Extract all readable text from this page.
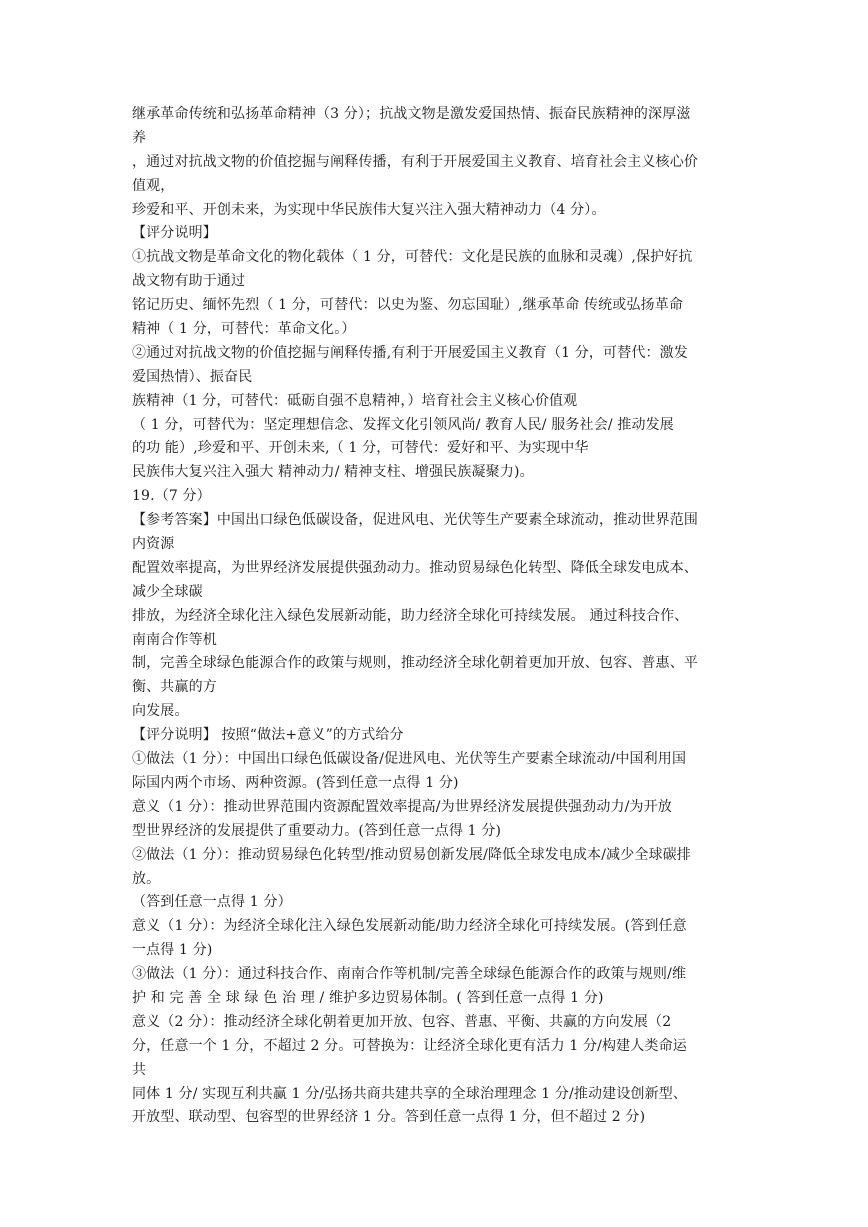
继承革命传统和弘扬革命精神（3 分）；抗战文物是激发爱国热情、振奋民族精神的深厚滋
养
，通过对抗战文物的价值挖掘与阐释传播，有利于开展爱国主义教育、培育社会主义核心价
值观，
珍爱和平、开创未来，为实现中华民族伟大复兴注入强大精神动力（4 分）。
【评分说明】
①抗战文物是革命文化的物化载体（ 1 分，可替代：文化是民族的血脉和灵魂）,保护好抗
战文物有助于通过
铭记历史、缅怀先烈（ 1 分，可替代：以史为鉴、勿忘国耻）,继承革命 传统或弘扬革命
精神（ 1 分，可替代：革命文化。）
②通过对抗战文物的价值挖掘与阐释传播,有利于开展爱国主义教育（1 分，可替代：激发
爱国热情）、振奋民
族精神（1 分，可替代：砥砺自强不息精神，）培育社会主义核心价值观
（ 1 分，可替代为：坚定理想信念、发挥文化引领风尚/ 教育人民/ 服务社会/ 推动发展
的功 能）,珍爱和平、开创未来,（ 1 分，可替代：爱好和平、为实现中华
民族伟大复兴注入强大 精神动力/ 精神支柱、增强民族凝聚力)。
19.（7 分）
【参考答案】中国出口绿色低碳设备，促进风电、光伏等生产要素全球流动，推动世界范围
内资源
配置效率提高，为世界经济发展提供强劲动力。推动贸易绿色化转型、降低全球发电成本、
减少全球碳
排放，为经济全球化注入绿色发展新动能，助力经济全球化可持续发展。 通过科技合作、
南南合作等机
制，完善全球绿色能源合作的政策与规则，推动经济全球化朝着更加开放、包容、普惠、平
衡、共赢的方
向发展。
【评分说明】 按照“做法+意义”的方式给分
①做法（1 分）：中国出口绿色低碳设备/促进风电、光伏等生产要素全球流动/中国利用国
际国内两个市场、两种资源。(答到任意一点得 1 分)
意义（1 分）：推动世界范围内资源配置效率提高/为世界经济发展提供强劲动力/为开放
型世界经济的发展提供了重要动力。(答到任意一点得 1 分)
②做法（1 分）：推动贸易绿色化转型/推动贸易创新发展/降低全球发电成本/减少全球碳排
放。
（答到任意一点得 1 分）
意义（1 分）：为经济全球化注入绿色发展新动能/助力经济全球化可持续发展。(答到任意
一点得 1 分)
③做法（1 分）：通过科技合作、南南合作等机制/完善全球绿色能源合作的政策与规则/维
护 和 完 善 全 球 绿 色 治 理 / 维护多边贸易体制。( 答到任意一点得 1 分)
意义（2 分）：推动经济全球化朝着更加开放、包容、普惠、平衡、共赢的方向发展（2
分，任意一个 1 分，不超过 2 分。可替换为：让经济全球化更有活力 1 分/构建人类命运
共
同体 1 分/ 实现互利共赢 1 分/弘扬共商共建共享的全球治理理念 1 分/推动建设创新型、
开放型、联动型、包容型的世界经济 1 分。答到任意一点得 1 分，但不超过 2 分)
